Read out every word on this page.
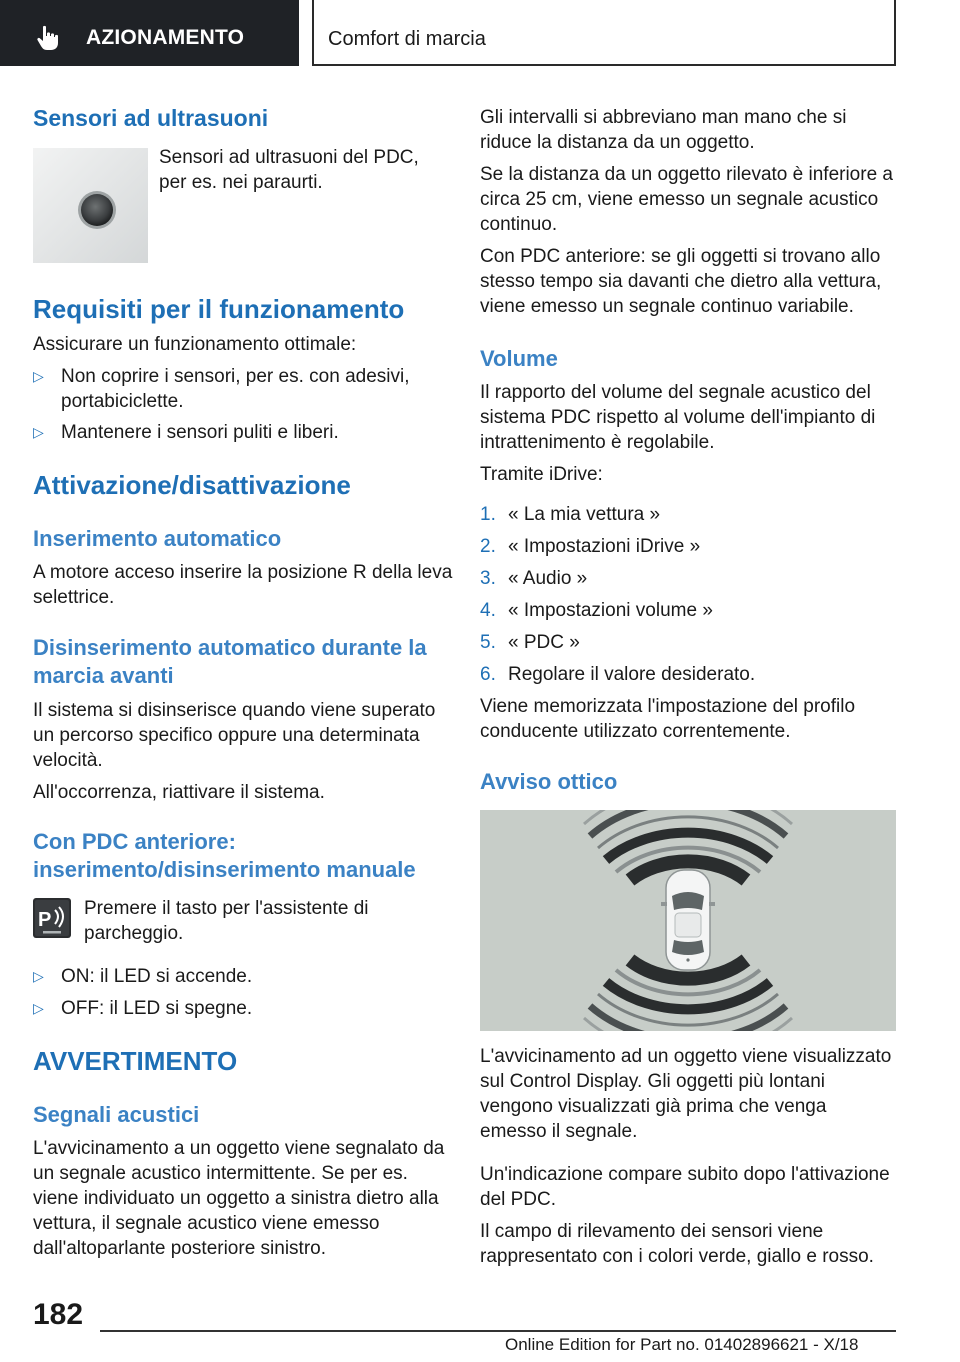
AZIONAMENTO	Comfort di marcia
Sensori ad ultrasuoni
Sensori ad ultrasuoni del PDC, per es. nei paraurti.
Requisiti per il funzionamento
Assicurare un funzionamento ottimale:
▷ Non coprire i sensori, per es. con adesivi, portabiciclette.
▷ Mantenere i sensori puliti e liberi.
Attivazione/disattivazione
Inserimento automatico
A motore acceso inserire la posizione R della leva selettrice.
Disinserimento automatico durante la marcia avanti
Il sistema si disinserisce quando viene superato un percorso specifico oppure una determinata velocità.
All'occorrenza, riattivare il sistema.
Con PDC anteriore: inserimento/disinserimento manuale
P
Premere il tasto per l'assistente di parcheggio.
▷ ON: il LED si accende.
▷ OFF: il LED si spegne.
AVVERTIMENTO
Segnali acustici
L'avvicinamento a un oggetto viene segnalato da un segnale acustico intermittente. Se per es. viene individuato un oggetto a sinistra dietro alla vettura, il segnale acustico viene emesso dall'altoparlante posteriore sinistro.
Gli intervalli si abbreviano man mano che si riduce la distanza da un oggetto.
Se la distanza da un oggetto rilevato è inferiore a circa 25 cm, viene emesso un segnale acustico continuo.
Con PDC anteriore: se gli oggetti si trovano allo stesso tempo sia davanti che dietro alla vettura, viene emesso un segnale continuo variabile.
Volume
Il rapporto del volume del segnale acustico del sistema PDC rispetto al volume dell'impianto di intrattenimento è regolabile.
Tramite iDrive:
1. « La mia vettura »
2. « Impostazioni iDrive »
3. « Audio »
4. « Impostazioni volume »
5. « PDC »
6. Regolare il valore desiderato.
Viene memorizzata l'impostazione del profilo conducente utilizzato correntemente.
Avviso ottico
L'avvicinamento ad un oggetto viene visualizzato sul Control Display. Gli oggetti più lontani vengono visualizzati già prima che venga emesso il segnale.
Un'indicazione compare subito dopo l'attivazione del PDC.
Il campo di rilevamento dei sensori viene rappresentato con i colori verde, giallo e rosso.
182
Online Edition for Part no. 01402896621 - X/18
